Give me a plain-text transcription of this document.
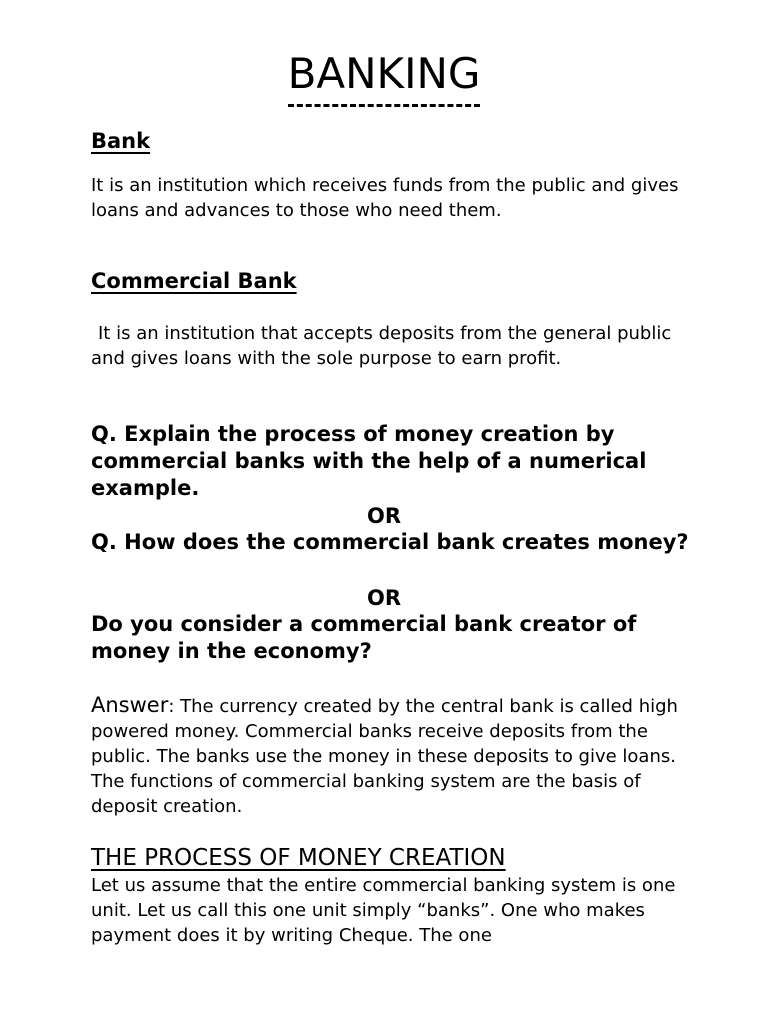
BANKING
Bank

It is an institution which receives funds from the public and gives loans and advances to those who need them.

Commercial Bank

It is an institution that accepts deposits from the general public and gives loans with the sole purpose to earn profit.

Q. Explain the process of money creation by commercial banks with the help of a numerical example.

OR

Q. How does the commercial bank creates money?

OR

Do you consider a commercial bank creator of money in the economy?

Answer: The currency created by the central bank is called high powered money. Commercial banks receive deposits from the public. The banks use the money in these deposits to give loans. The functions of commercial banking system are the basis of deposit creation.

THE PROCESS OF MONEY CREATION

Let us assume that the entire commercial banking system is one unit. Let us call this one unit simply “banks”. One who makes payment does it by writing Cheque. The one
